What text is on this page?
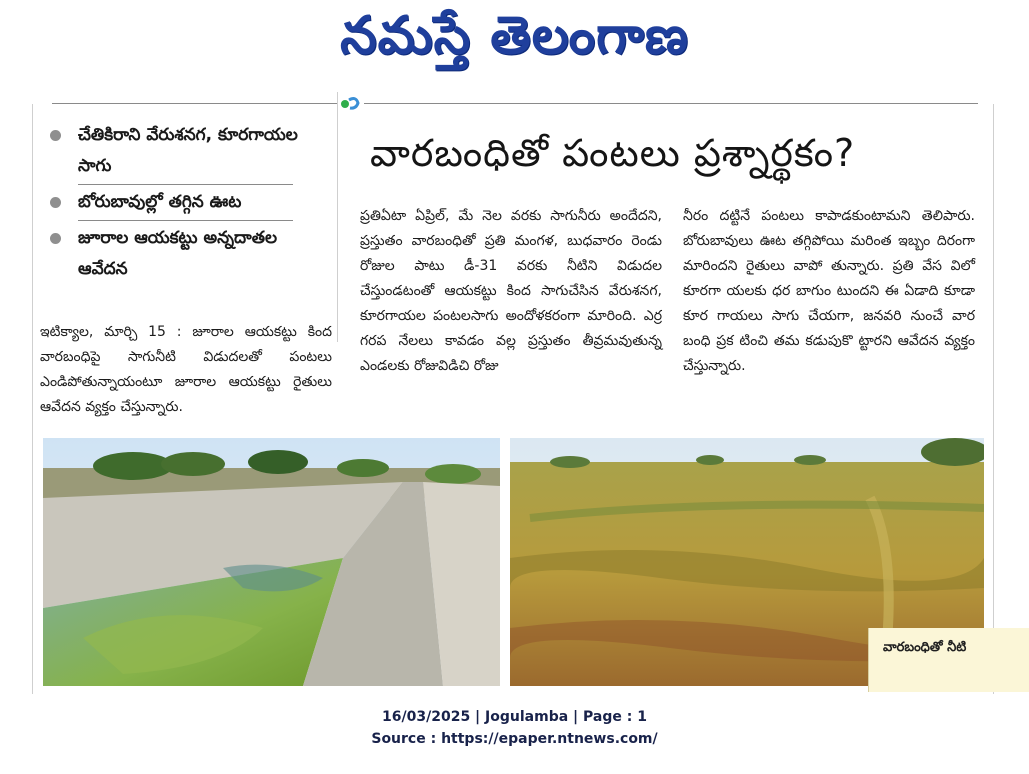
నమస్తే తెలంగాణ
చేతికిరాని వేరుశనగ, కూరగాయల సాగు
బోరుబావుల్లో తగ్గిన ఊట
జూరాల ఆయకట్టు అన్నదాతల ఆవేదన
వారబంధితో పంటలు ప్రశ్నార్థకం?
ఇటిక్యాల, మార్చి 15 : జూరాల ఆయకట్టు కింద వారబంధిపై సాగునీటి విడుదలతో పంటలు ఎండిపోతున్నాయంటూ జూరాల ఆయకట్టు రైతులు ఆవేదన వ్యక్తం చేస్తున్నారు.
ప్రతిఏటా ఏప్రిల్, మే నెల వరకు సాగునీరు అందేదని, ప్రస్తుతం వారబంధితో ప్రతి మంగళ, బుధవారం రెండు రోజుల పాటు డీ-31 వరకు నీటిని విడుదల చేస్తుండటంతో ఆయకట్టు కింద సాగుచేసిన వేరుశనగ, కూరగాయల పంటలసాగు అందోళకరంగా మారింది. ఎర్ర గరప నేలలు కావడం వల్ల ప్రస్తుతం తీవ్రమవుతున్న ఎండలకు రోజువిడిచి రోజు
నీరం దట్టినే పంటలు కాపాడకుంటామని తెలిపారు. బోరుబావులు ఊట తగ్గిపోయి మరింత ఇబ్బం దిరంగా మారిందని రైతులు వాపో తున్నారు. ప్రతి వేస విలో కూరగా యలకు ధర బాగుం టుందని ఈ ఏడాది కూడా కూర గాయలు సాగు చేయగా, జనవరి నుంచే వార బంధి ప్రక టించి తమ కడుపుకొ ట్టారని ఆవేదన వ్యక్తం చేస్తున్నారు.
వారబంధితో నీటి
16/03/2025 | Jogulamba | Page : 1
Source : https://epaper.ntnews.com/
